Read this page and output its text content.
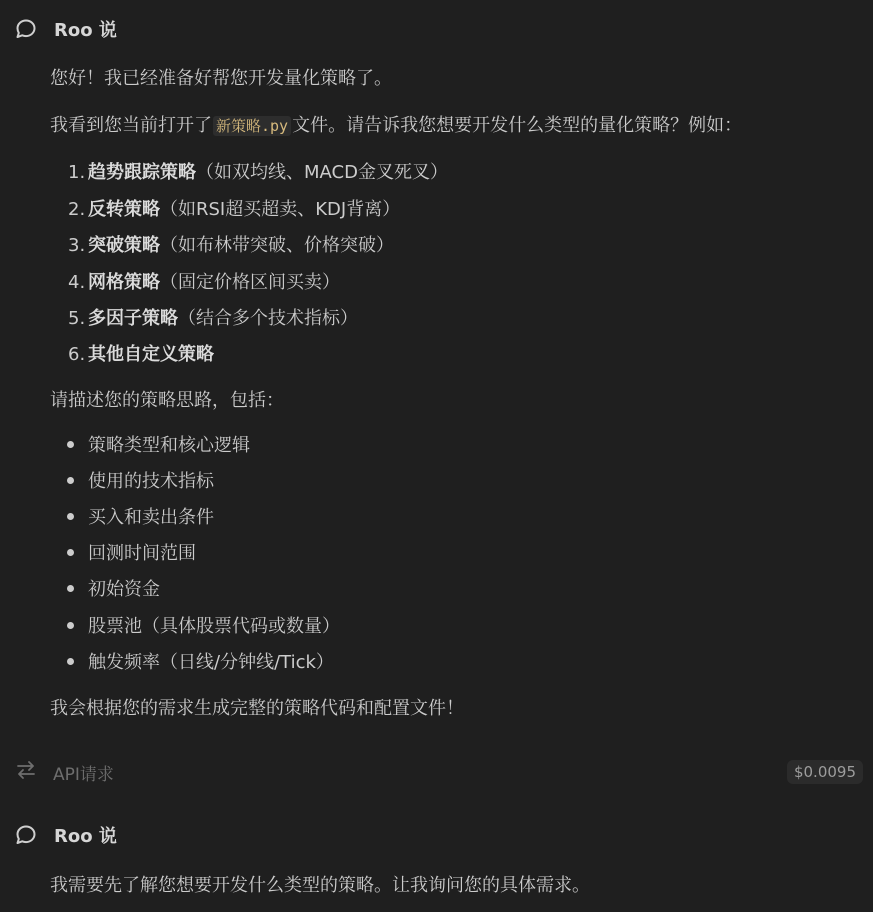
Roo 说
您好！我已经准备好帮您开发量化策略了。
我看到您当前打开了 新策略.py 文件。请告诉我您想要开发什么类型的量化策略？例如：
1. 趋势跟踪策略（如双均线、MACD金叉死叉）
2. 反转策略（如RSI超买超卖、KDJ背离）
3. 突破策略（如布林带突破、价格突破）
4. 网格策略（固定价格区间买卖）
5. 多因子策略（结合多个技术指标）
6. 其他自定义策略
请描述您的策略思路，包括：
策略类型和核心逻辑
使用的技术指标
买入和卖出条件
回测时间范围
初始资金
股票池（具体股票代码或数量）
触发频率（日线/分钟线/Tick）
我会根据您的需求生成完整的策略代码和配置文件！
API请求	$0.0095
Roo 说
我需要先了解您想要开发什么类型的策略。让我询问您的具体需求。
